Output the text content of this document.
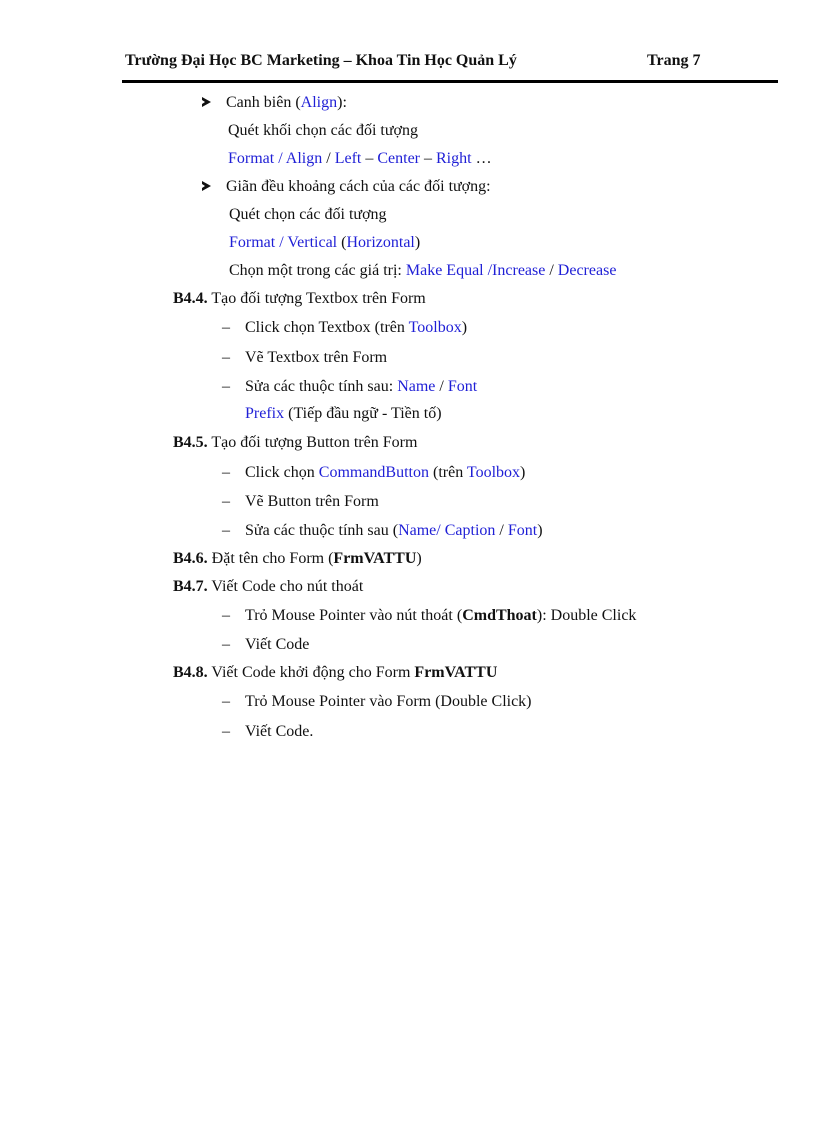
Trường Đại Học BC Marketing – Khoa Tin Học Quản Lý	Trang 7
Canh biên (Align):
Quét khối chọn các đối tượng
Format / Align / Left – Center – Right …
Giãn đều khoảng cách của các đối tượng:
Quét chọn các đối tượng
Format / Vertical (Horizontal)
Chọn một trong các giá trị: Make Equal /Increase / Decrease
B4.4. Tạo đối tượng Textbox trên Form
– Click chọn Textbox (trên Toolbox)
– Vẽ Textbox trên Form
– Sửa các thuộc tính sau: Name / Font
Prefix (Tiếp đầu ngữ - Tiền tố)
B4.5. Tạo đối tượng Button trên Form
– Click chọn CommandButton (trên Toolbox)
– Vẽ Button trên Form
– Sửa các thuộc tính sau (Name/ Caption / Font)
B4.6. Đặt tên cho Form (FrmVATTU)
B4.7. Viết Code cho nút thoát
– Trỏ Mouse Pointer vào nút thoát (CmdThoat): Double Click
– Viết Code
B4.8. Viết Code khởi động cho Form FrmVATTU
– Trỏ Mouse Pointer vào Form (Double Click)
– Viết Code.
